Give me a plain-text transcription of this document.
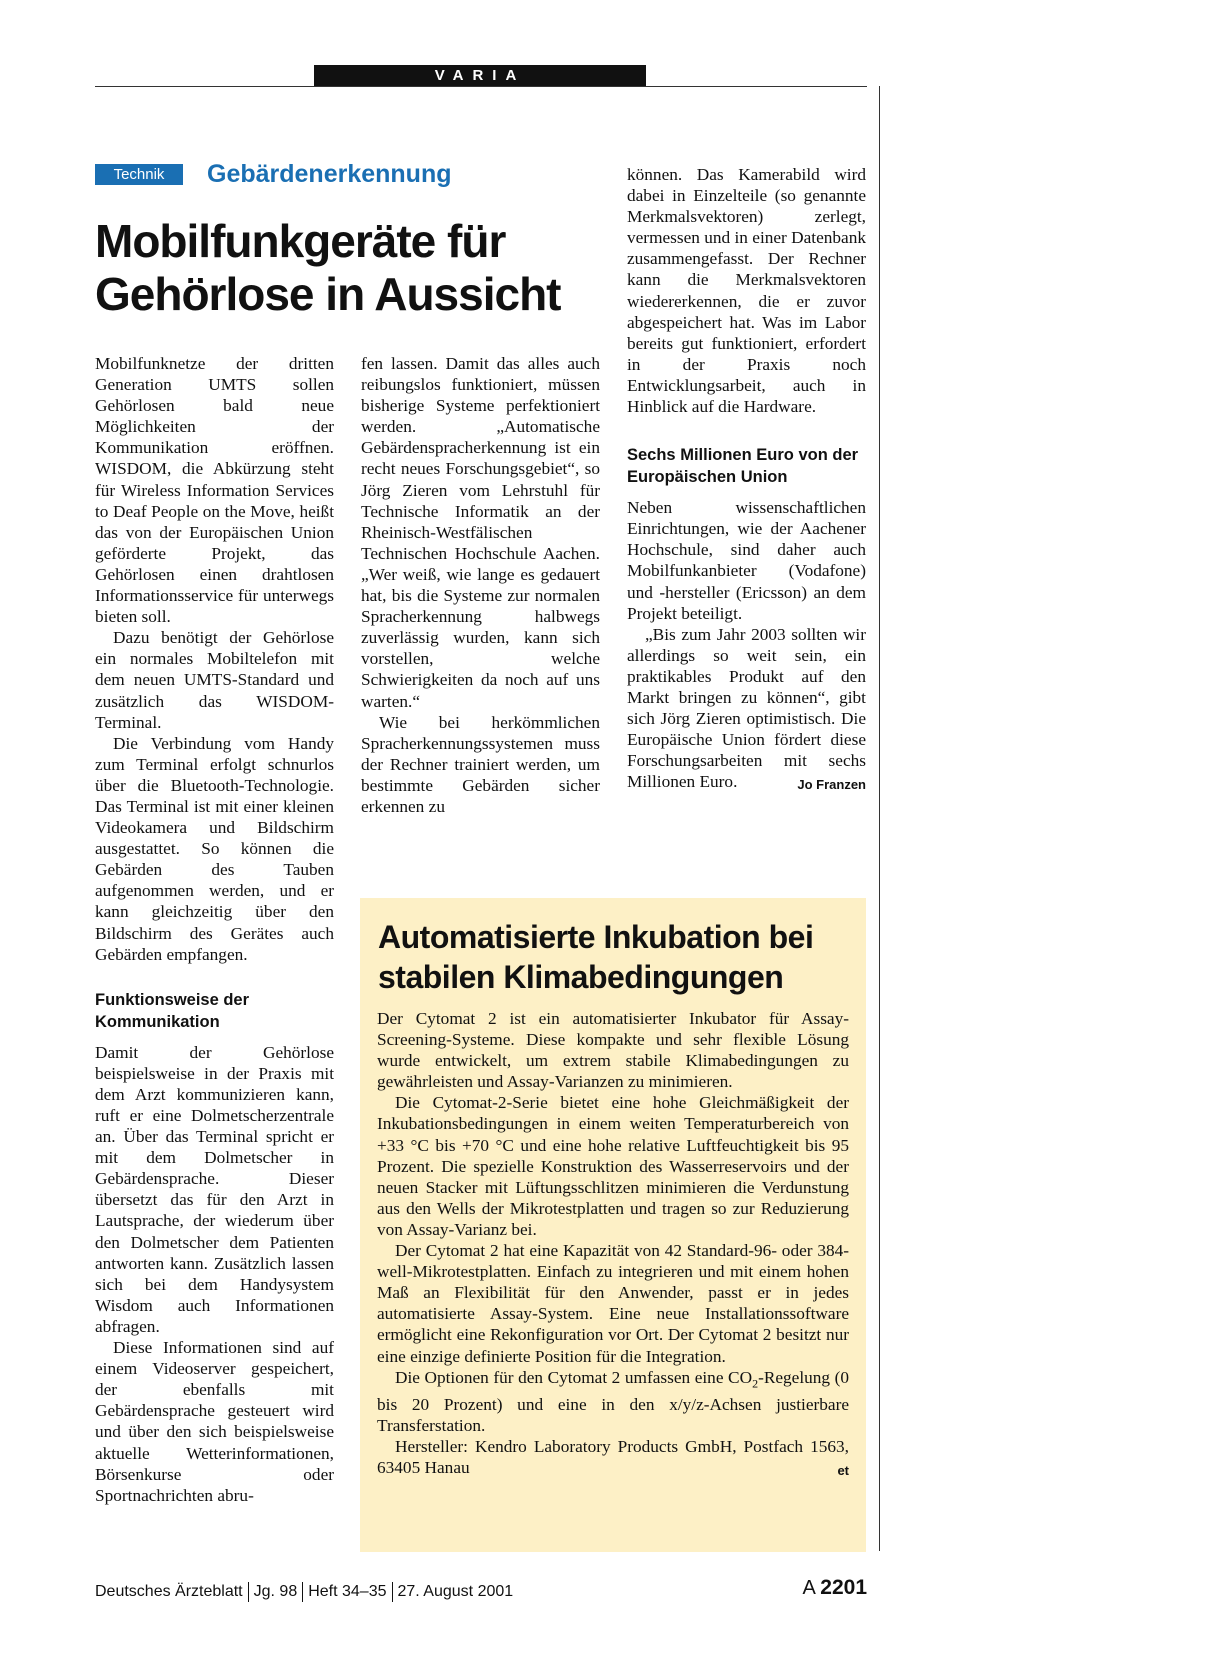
VARIA
Technik	Gebärdenerkennung
Mobilfunkgeräte für
Gehörlose in Aussicht

Mobilfunknetze der dritten Generation UMTS sollen Gehörlosen bald neue Möglichkeiten der Kommunikation eröffnen. WISDOM, die Abkürzung steht für Wireless Information Services to Deaf People on the Move, heißt das von der Europäischen Union geförderte Projekt, das Gehörlosen einen drahtlosen Informationsservice für unterwegs bieten soll.

Dazu benötigt der Gehörlose ein normales Mobiltelefon mit dem neuen UMTS-Standard und zusätzlich das WISDOM-Terminal.

Die Verbindung vom Handy zum Terminal erfolgt schnurlos über die Bluetooth-Technologie. Das Terminal ist mit einer kleinen Videokamera und Bildschirm ausgestattet. So können die Gebärden des Tauben aufgenommen werden, und er kann gleichzeitig über den Bildschirm des Gerätes auch Gebärden empfangen.

Funktionsweise der Kommunikation

Damit der Gehörlose beispielsweise in der Praxis mit dem Arzt kommunizieren kann, ruft er eine Dolmetscherzentrale an. Über das Terminal spricht er mit dem Dolmetscher in Gebärdensprache. Dieser übersetzt das für den Arzt in Lautsprache, der wiederum über den Dolmetscher dem Patienten antworten kann. Zusätzlich lassen sich bei dem Handysystem Wisdom auch Informationen abfragen.

Diese Informationen sind auf einem Videoserver gespeichert, der ebenfalls mit Gebärdensprache gesteuert wird und über den sich beispielsweise aktuelle Wetterinformationen, Börsenkurse oder Sportnachrichten abru-

fen lassen. Damit das alles auch reibungslos funktioniert, müssen bisherige Systeme perfektioniert werden. „Automatische Gebärdenspracherkennung ist ein recht neues Forschungsgebiet“, so Jörg Zieren vom Lehrstuhl für Technische Informatik an der Rheinisch-Westfälischen Technischen Hochschule Aachen. „Wer weiß, wie lange es gedauert hat, bis die Systeme zur normalen Spracherkennung halbwegs zuverlässig wurden, kann sich vorstellen, welche Schwierigkeiten da noch auf uns warten.“

Wie bei herkömmlichen Spracherkennungssystemen muss der Rechner trainiert werden, um bestimmte Gebärden sicher erkennen zu

können. Das Kamerabild wird dabei in Einzelteile (so genannte Merkmalsvektoren) zerlegt, vermessen und in einer Datenbank zusammengefasst. Der Rechner kann die Merkmalsvektoren wiedererkennen, die er zuvor abgespeichert hat. Was im Labor bereits gut funktioniert, erfordert in der Praxis noch Entwicklungsarbeit, auch in Hinblick auf die Hardware.

Sechs Millionen Euro von der Europäischen Union

Neben wissenschaftlichen Einrichtungen, wie der Aachener Hochschule, sind daher auch Mobilfunkanbieter (Vodafone) und -hersteller (Ericsson) an dem Projekt beteiligt.

„Bis zum Jahr 2003 sollten wir allerdings so weit sein, ein praktikables Produkt auf den Markt bringen zu können“, gibt sich Jörg Zieren optimistisch. Die Europäische Union fördert diese Forschungsarbeiten mit sechs Millionen Euro.	Jo Franzen

Automatisierte Inkubation bei stabilen Klimabedingungen

Der Cytomat 2 ist ein automatisierter Inkubator für Assay-Screening-Systeme. Diese kompakte und sehr flexible Lösung wurde entwickelt, um extrem stabile Klimabedingungen zu gewährleisten und Assay-Varianzen zu minimieren.

Die Cytomat-2-Serie bietet eine hohe Gleichmäßigkeit der Inkubationsbedingungen in einem weiten Temperaturbereich von +33 °C bis +70 °C und eine hohe relative Luftfeuchtigkeit bis 95 Prozent. Die spezielle Konstruktion des Wasserreservoirs und der neuen Stacker mit Lüftungsschlitzen minimieren die Verdunstung aus den Wells der Mikrotestplatten und tragen so zur Reduzierung von Assay-Varianz bei.

Der Cytomat 2 hat eine Kapazität von 42 Standard-96- oder 384-well-Mikrotestplatten. Einfach zu integrieren und mit einem hohen Maß an Flexibilität für den Anwender, passt er in jedes automatisierte Assay-System. Eine neue Installationssoftware ermöglicht eine Rekonfiguration vor Ort. Der Cytomat 2 besitzt nur eine einzige definierte Position für die Integration.

Die Optionen für den Cytomat 2 umfassen eine $CO_2$-Regelung (0 bis 20 Prozent) und eine in den x/y/z-Achsen justierbare Transferstation.

Hersteller: Kendro Laboratory Products GmbH, Postfach 1563, 63405 Hanau	et

Deutsches Ärzteblatt Jg. 98 Heft 34–35 27. August 2001	A 2201
